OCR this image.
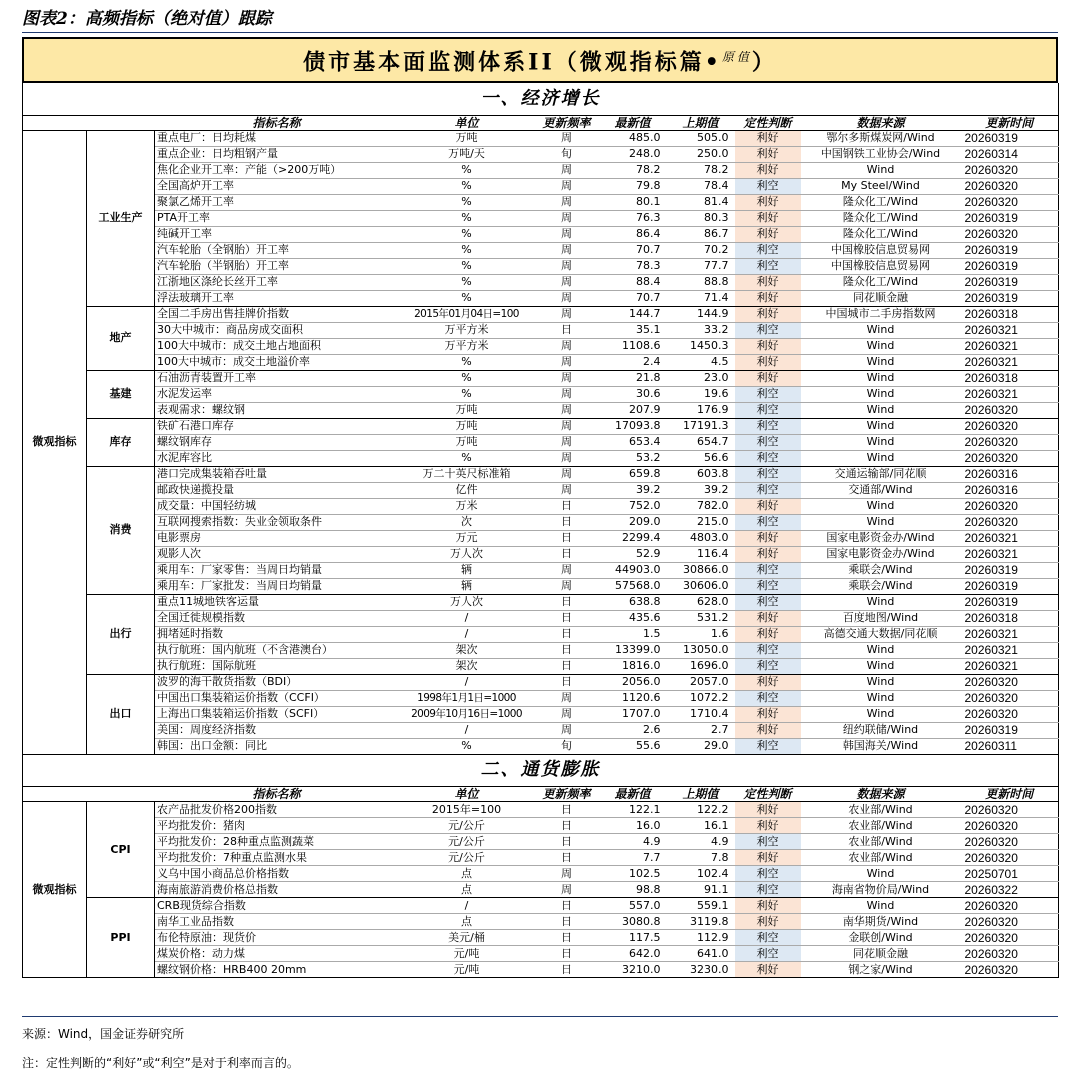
图表2：高频指标（绝对值）跟踪
债市基本面监测体系II（微观指标篇•$^{原值}$）
一、经济增长									
		指标名称	单位	更新频率	最新值	上期值	定性判断	数据来源	更新时间
微观指标	工业生产	重点电厂：日均耗煤	万吨	周	485.0	505.0	利好	鄂尔多斯煤炭网/Wind	20260319
		重点企业：日均粗钢产量	万吨/天	旬	248.0	250.0	利好	中国钢铁工业协会/Wind	20260314
		焦化企业开工率：产能（>200万吨）	%	周	78.2	78.2	利好	Wind	20260320
		全国高炉开工率	%	周	79.8	78.4	利空	My Steel/Wind	20260320
		聚氯乙烯开工率	%	周	80.1	81.4	利好	隆众化工/Wind	20260320
		PTA开工率	%	周	76.3	80.3	利好	隆众化工/Wind	20260319
		纯碱开工率	%	周	86.4	86.7	利好	隆众化工/Wind	20260320
		汽车轮胎（全钢胎）开工率	%	周	70.7	70.2	利空	中国橡胶信息贸易网	20260319
		汽车轮胎（半钢胎）开工率	%	周	78.3	77.7	利空	中国橡胶信息贸易网	20260319
		江浙地区涤纶长丝开工率	%	周	88.4	88.8	利好	隆众化工/Wind	20260319
		浮法玻璃开工率	%	周	70.7	71.4	利好	同花顺金融	20260319
	地产	全国二手房出售挂牌价指数	2015年01月04日=100	周	144.7	144.9	利好	中国城市二手房指数网	20260318
		30大中城市：商品房成交面积	万平方米	日	35.1	33.2	利空	Wind	20260321
		100大中城市：成交土地占地面积	万平方米	周	1108.6	1450.3	利好	Wind	20260321
		100大中城市：成交土地溢价率	%	周	2.4	4.5	利好	Wind	20260321
	基建	石油沥青装置开工率	%	周	21.8	23.0	利好	Wind	20260318
		水泥发运率	%	周	30.6	19.6	利空	Wind	20260321
		表观需求：螺纹钢	万吨	周	207.9	176.9	利空	Wind	20260320
	库存	铁矿石港口库存	万吨	周	17093.8	17191.3	利空	Wind	20260320
		螺纹钢库存	万吨	周	653.4	654.7	利空	Wind	20260320
		水泥库容比	%	周	53.2	56.6	利空	Wind	20260320
	消费	港口完成集装箱吞吐量	万二十英尺标准箱	周	659.8	603.8	利空	交通运输部/同花顺	20260316
		邮政快递揽投量	亿件	周	39.2	39.2	利空	交通部/Wind	20260316
		成交量：中国轻纺城	万米	日	752.0	782.0	利好	Wind	20260320
		互联网搜索指数：失业金领取条件	次	日	209.0	215.0	利空	Wind	20260320
		电影票房	万元	日	2299.4	4803.0	利好	国家电影资金办/Wind	20260321
		观影人次	万人次	日	52.9	116.4	利好	国家电影资金办/Wind	20260321
		乘用车：厂家零售：当周日均销量	辆	周	44903.0	30866.0	利空	乘联会/Wind	20260319
		乘用车：厂家批发：当周日均销量	辆	周	57568.0	30606.0	利空	乘联会/Wind	20260319
	出行	重点11城地铁客运量	万人次	日	638.8	628.0	利空	Wind	20260319
		全国迁徙规模指数	/	日	435.6	531.2	利好	百度地图/Wind	20260318
		拥堵延时指数	/	日	1.5	1.6	利好	高德交通大数据/同花顺	20260321
		执行航班：国内航班（不含港澳台）	架次	日	13399.0	13050.0	利空	Wind	20260321
		执行航班：国际航班	架次	日	1816.0	1696.0	利空	Wind	20260321
	出口	波罗的海干散货指数（BDI）	/	日	2056.0	2057.0	利好	Wind	20260320
		中国出口集装箱运价指数（CCFI）	1998年1月1日=1000	周	1120.6	1072.2	利空	Wind	20260320
		上海出口集装箱运价指数（SCFI）	2009年10月16日=1000	周	1707.0	1710.4	利好	Wind	20260320
		美国：周度经济指数	/	周	2.6	2.7	利好	纽约联储/Wind	20260319
		韩国：出口金额：同比	%	旬	55.6	29.0	利空	韩国海关/Wind	20260311
二、通货膨胀									
		指标名称	单位	更新频率	最新值	上期值	定性判断	数据来源	更新时间
微观指标	CPI	农产品批发价格200指数	2015年=100	日	122.1	122.2	利好	农业部/Wind	20260320
		平均批发价：猪肉	元/公斤	日	16.0	16.1	利好	农业部/Wind	20260320
		平均批发价：28种重点监测蔬菜	元/公斤	日	4.9	4.9	利空	农业部/Wind	20260320
		平均批发价：7种重点监测水果	元/公斤	日	7.7	7.8	利好	农业部/Wind	20260320
		义乌中国小商品总价格指数	点	周	102.5	102.4	利空	Wind	20250701
		海南旅游消费价格总指数	点	周	98.8	91.1	利空	海南省物价局/Wind	20260322
	PPI	CRB现货综合指数	/	日	557.0	559.1	利好	Wind	20260320
		南华工业品指数	点	日	3080.8	3119.8	利好	南华期货/Wind	20260320
		布伦特原油：现货价	美元/桶	日	117.5	112.9	利空	金联创/Wind	20260320
		煤炭价格：动力煤	元/吨	日	642.0	641.0	利空	同花顺金融	20260320
		螺纹钢价格：HRB400 20mm	元/吨	日	3210.0	3230.0	利好	钢之家/Wind	20260320
来源：Wind，国金证券研究所
注：定性判断的“利好”或“利空”是对于利率而言的。
